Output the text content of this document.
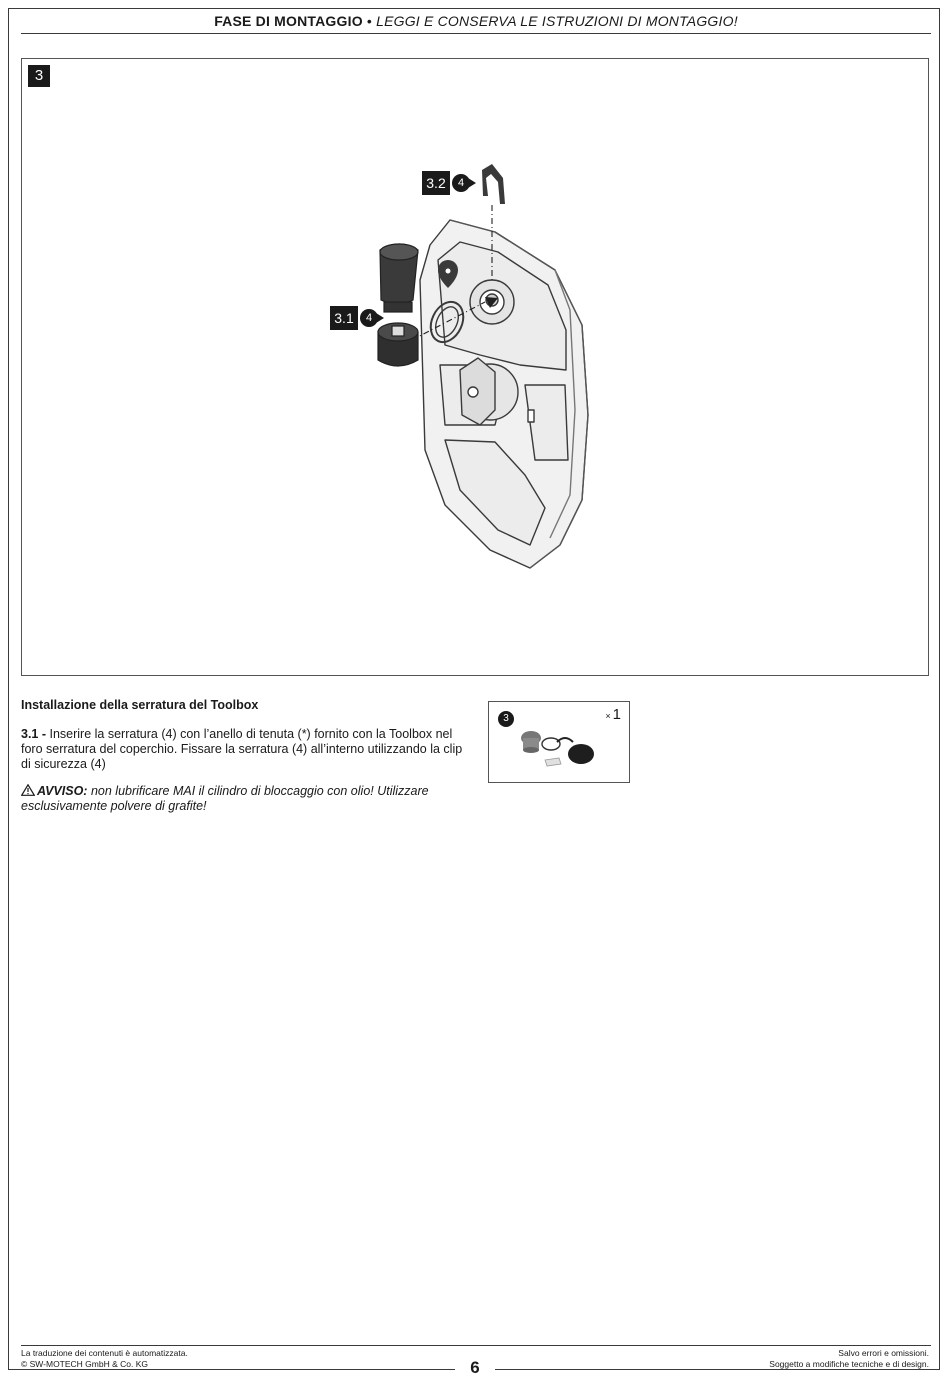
FASE DI MONTAGGIO • LEGGI E CONSERVA LE ISTRUZIONI DI MONTAGGIO!
3
3.2	4
3.1	4

Installazione della serratura del Toolbox

3.1 - Inserire la serratura (4) con l’anello di tenuta (*) fornito con la Toolbox nel foro serratura del coperchio. Fissare la serratura (4) all’interno utilizzando la clip di sicurezza (4)

AVVISO: non lubrificare MAI il cilindro di bloccaggio con olio! Utilizzare esclusivamente polvere di grafite!

3	× 1
La traduzione dei contenuti è automatizzata.
© SW-MOTECH GmbH & Co. KG	6
Salvo errori e omissioni.
Soggetto a modifiche tecniche e di design.
